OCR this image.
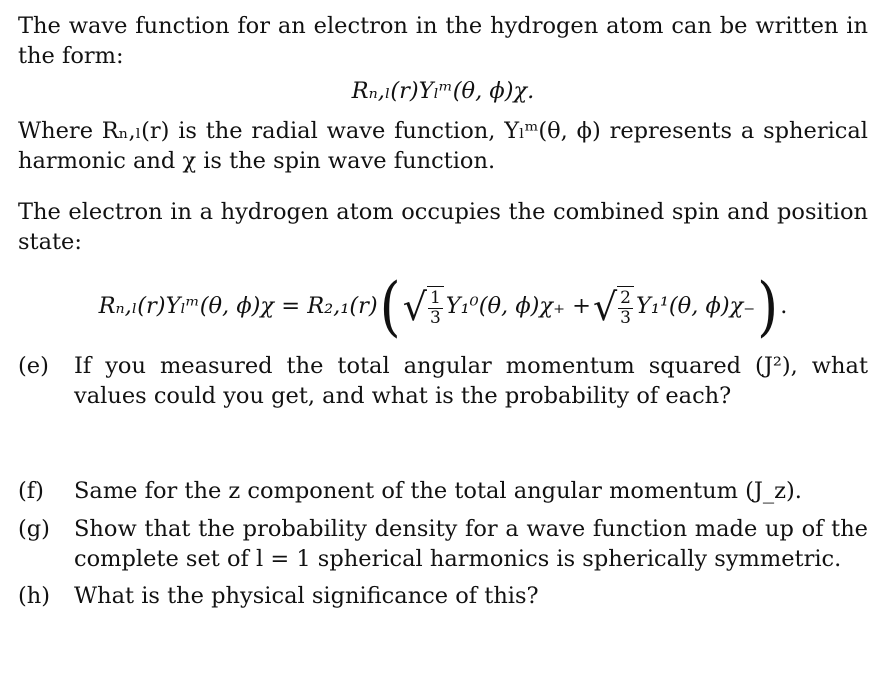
The wave function for an electron in the hydrogen atom can be written in the form:

Rₙ,ₗ(r)Yₗᵐ(θ, ϕ)χ.

Where Rₙ,ₗ(r) is the radial wave function, Yₗᵐ(θ, ϕ) represents a spherical harmonic and χ is the spin wave function.

The electron in a hydrogen atom occupies the combined spin and position state:

Rₙ,ₗ(r)Yₗᵐ(θ, ϕ)χ = R₂,₁(r) ( √ $\frac{1}{3} Y_1^0(\theta$, ϕ)χ₊ + √ $\frac{2}{3} Y_1^1(\theta$, ϕ)χ₋ ) .
(e)	If you measured the total angular momentum squared (J²), what values could you get, and what is the probability of each?
(f)	Same for the z component of the total angular momentum (J_z).
(g)	Show that the probability density for a wave function made up of the complete set of l = 1 spherical harmonics is spherically symmetric.
(h)	What is the physical significance of this?
